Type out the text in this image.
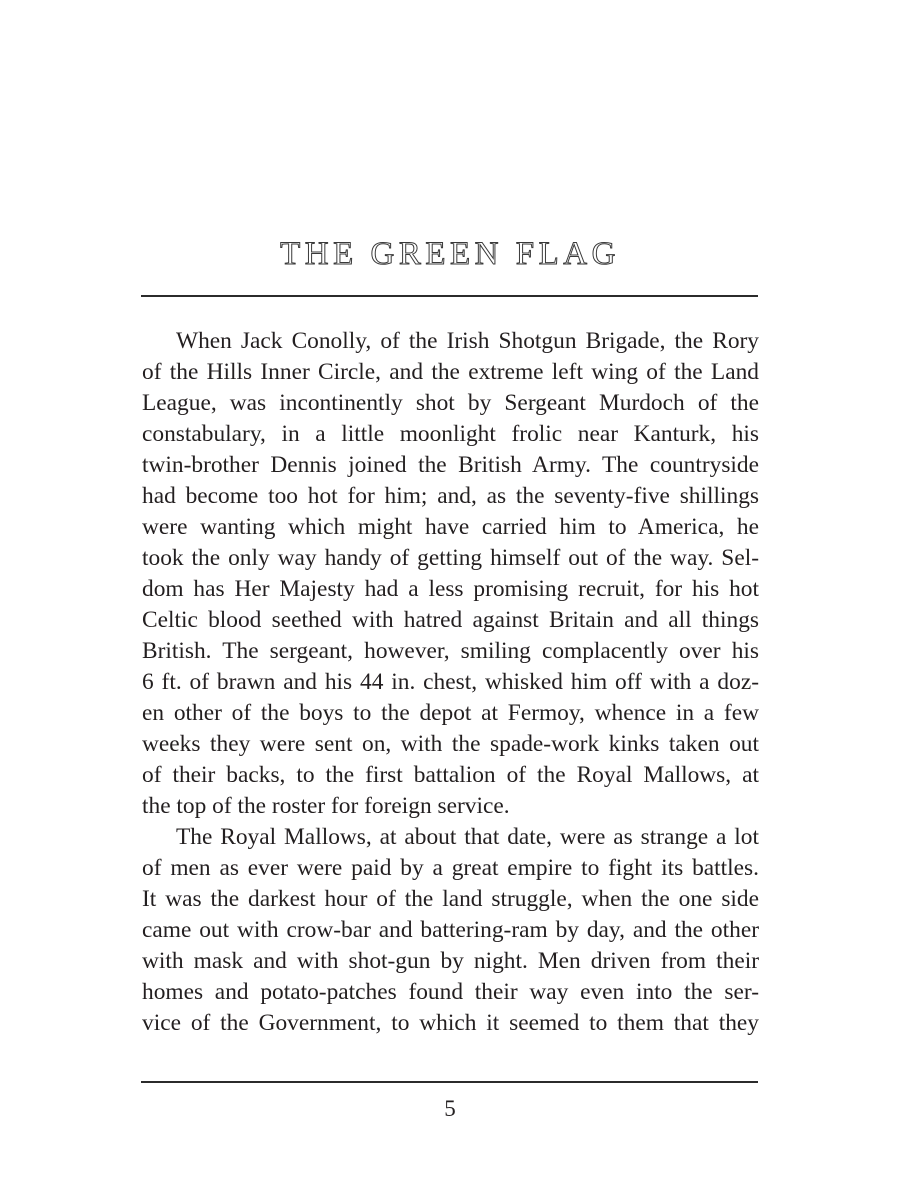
THE GREEN FLAG
When Jack Conolly, of the Irish Shotgun Brigade, the Rory
of the Hills Inner Circle, and the extreme left wing of the Land
League, was incontinently shot by Sergeant Murdoch of the
constabulary, in a little moonlight frolic near Kanturk, his
twin-brother Dennis joined the British Army. The countryside
had become too hot for him; and, as the seventy-five shillings
were wanting which might have carried him to America, he
took the only way handy of getting himself out of the way. Sel-
dom has Her Majesty had a less promising recruit, for his hot
Celtic blood seethed with hatred against Britain and all things
British. The sergeant, however, smiling complacently over his
6 ft. of brawn and his 44 in. chest, whisked him off with a doz-
en other of the boys to the depot at Fermoy, whence in a few
weeks they were sent on, with the spade-work kinks taken out
of their backs, to the first battalion of the Royal Mallows, at
the top of the roster for foreign service.
The Royal Mallows, at about that date, were as strange a lot
of men as ever were paid by a great empire to fight its battles.
It was the darkest hour of the land struggle, when the one side
came out with crow-bar and battering-ram by day, and the other
with mask and with shot-gun by night. Men driven from their
homes and potato-patches found their way even into the ser-
vice of the Government, to which it seemed to them that they
5
